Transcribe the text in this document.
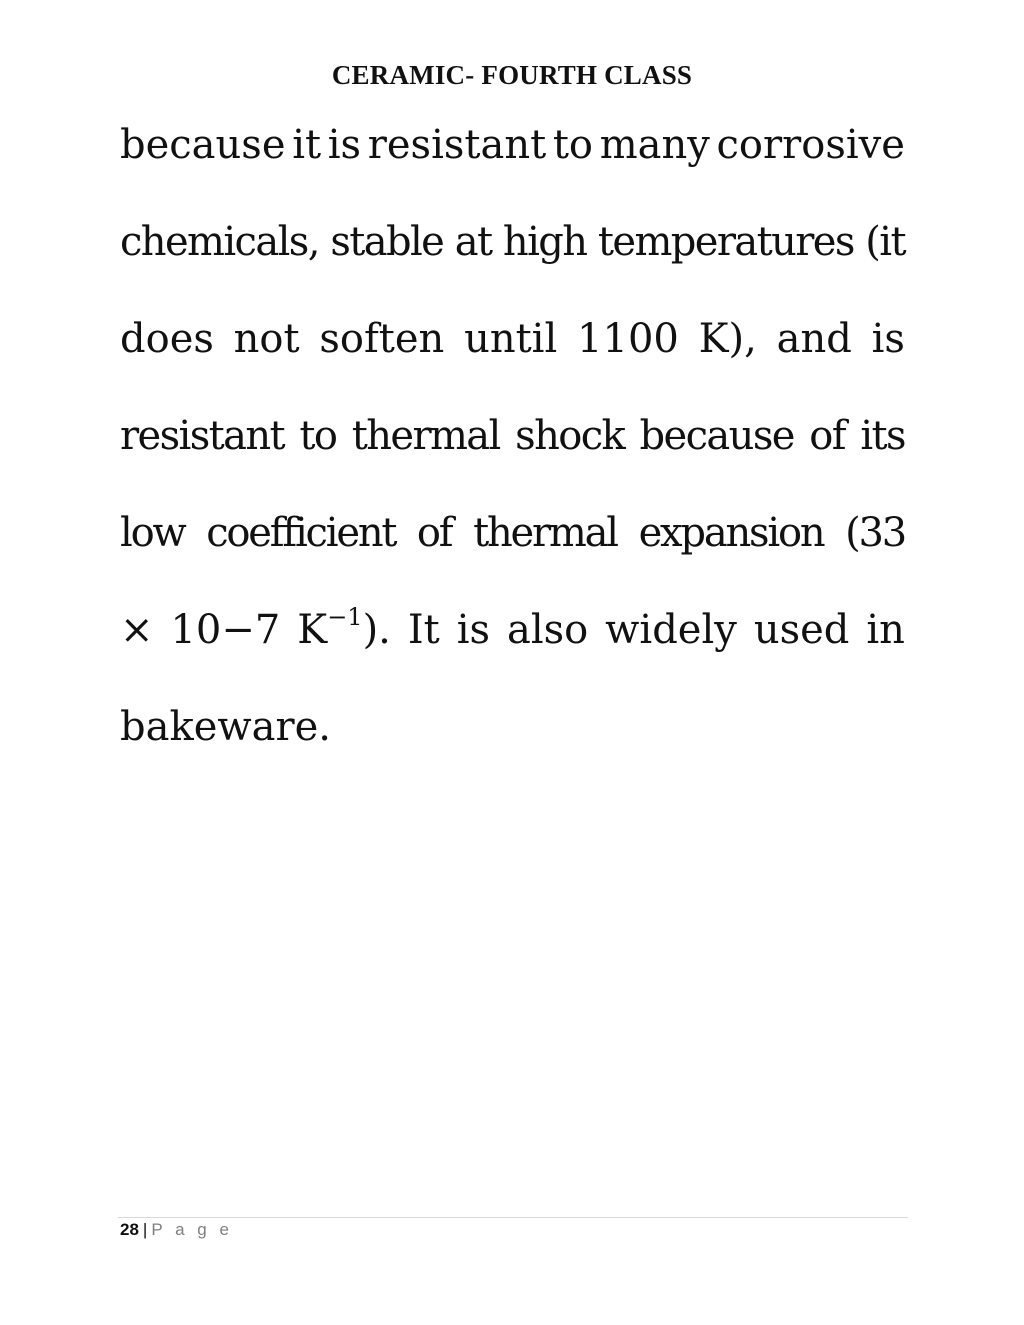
CERAMIC- FOURTH CLASS
because it is resistant to many corrosive
chemicals, stable at high temperatures (it
does not soften until 1100 K), and is
resistant to thermal shock because of its
low coefficient of thermal expansion (33
× 10−7 $K^{-1}$). It is also widely used in
bakeware.
28 | P a g e
